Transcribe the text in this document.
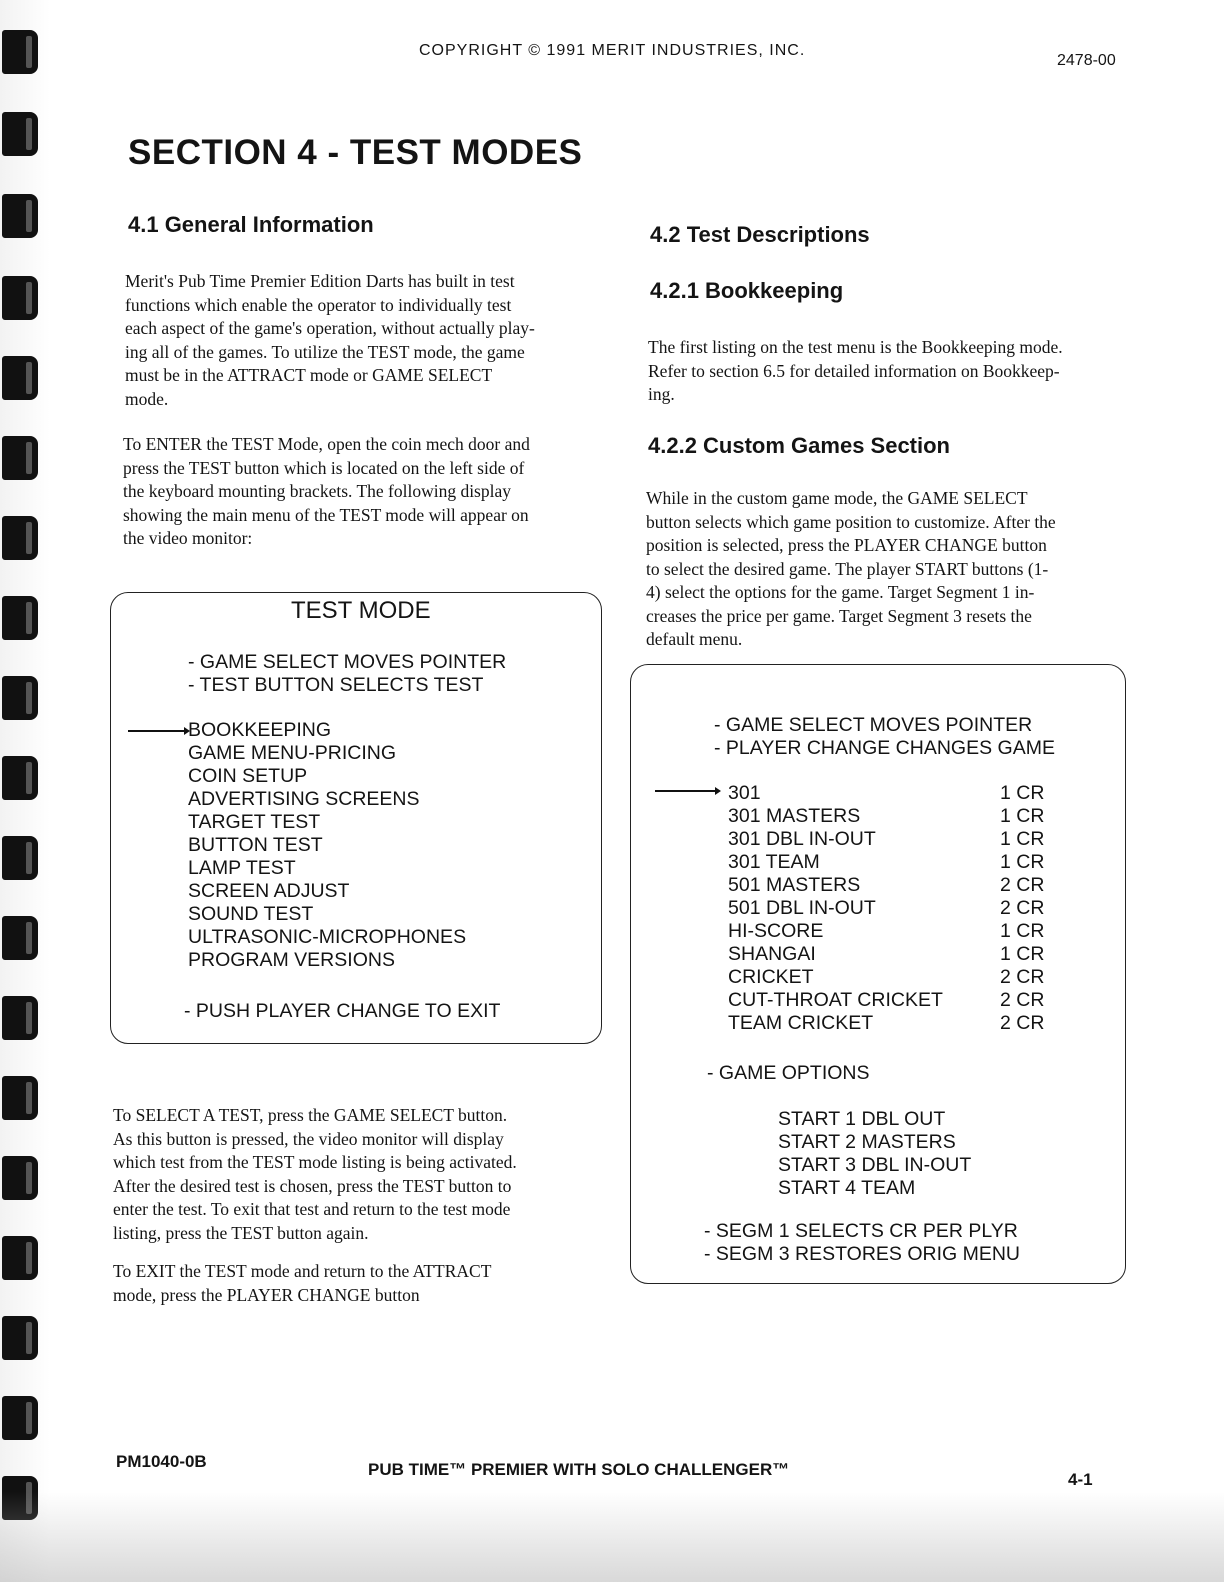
COPYRIGHT © 1991 MERIT INDUSTRIES, INC.
2478-00
SECTION 4 - TEST MODES
4.1 General Information

Merit's Pub Time Premier Edition Darts has built in test

functions which enable the operator to individually test

each aspect of the game's operation, without actually play-

ing all of the games. To utilize the TEST mode, the game

must be in the ATTRACT mode or GAME SELECT

mode.

To ENTER the TEST Mode, open the coin mech door and

press the TEST button which is located on the left side of

the keyboard mounting brackets. The following display

showing the main menu of the TEST mode will appear on

the video monitor:

TEST MODE
- GAME SELECT MOVES POINTER
- TEST BUTTON SELECTS TEST
BOOKKEEPING
GAME MENU-PRICING
COIN SETUP
ADVERTISING SCREENS
TARGET TEST
BUTTON TEST
LAMP TEST
SCREEN ADJUST
SOUND TEST
ULTRASONIC-MICROPHONES
PROGRAM VERSIONS
- PUSH PLAYER CHANGE TO EXIT

To SELECT A TEST, press the GAME SELECT button.

As this button is pressed, the video monitor will display

which test from the TEST mode listing is being activated.

After the desired test is chosen, press the TEST button to

enter the test. To exit that test and return to the test mode

listing, press the TEST button again.

To EXIT the TEST mode and return to the ATTRACT

mode, press the PLAYER CHANGE button

4.2 Test Descriptions
4.2.1 Bookkeeping

The first listing on the test menu is the Bookkeeping mode.

Refer to section 6.5 for detailed information on Bookkeep-

ing.

4.2.2 Custom Games Section

While in the custom game mode, the GAME SELECT

button selects which game position to customize. After the

position is selected, press the PLAYER CHANGE button

to select the desired game. The player START buttons (1-

4) select the options for the game. Target Segment 1 in-

creases the price per game. Target Segment 3 resets the

default menu.

- GAME SELECT MOVES POINTER
- PLAYER CHANGE CHANGES GAME
301	1 CR
301 MASTERS	1 CR
301 DBL IN-OUT	1 CR
301 TEAM	1 CR
501 MASTERS	2 CR
501 DBL IN-OUT	2 CR
HI-SCORE	1 CR
SHANGAI	1 CR
CRICKET	2 CR
CUT-THROAT CRICKET	2 CR
TEAM CRICKET	2 CR
- GAME OPTIONS
START 1 DBL OUT
START 2 MASTERS
START 3 DBL IN-OUT
START 4 TEAM
- SEGM 1 SELECTS CR PER PLYR
- SEGM 3 RESTORES ORIG MENU
PM1040-0B	PUB TIME™ PREMIER WITH SOLO CHALLENGER™
4-1
